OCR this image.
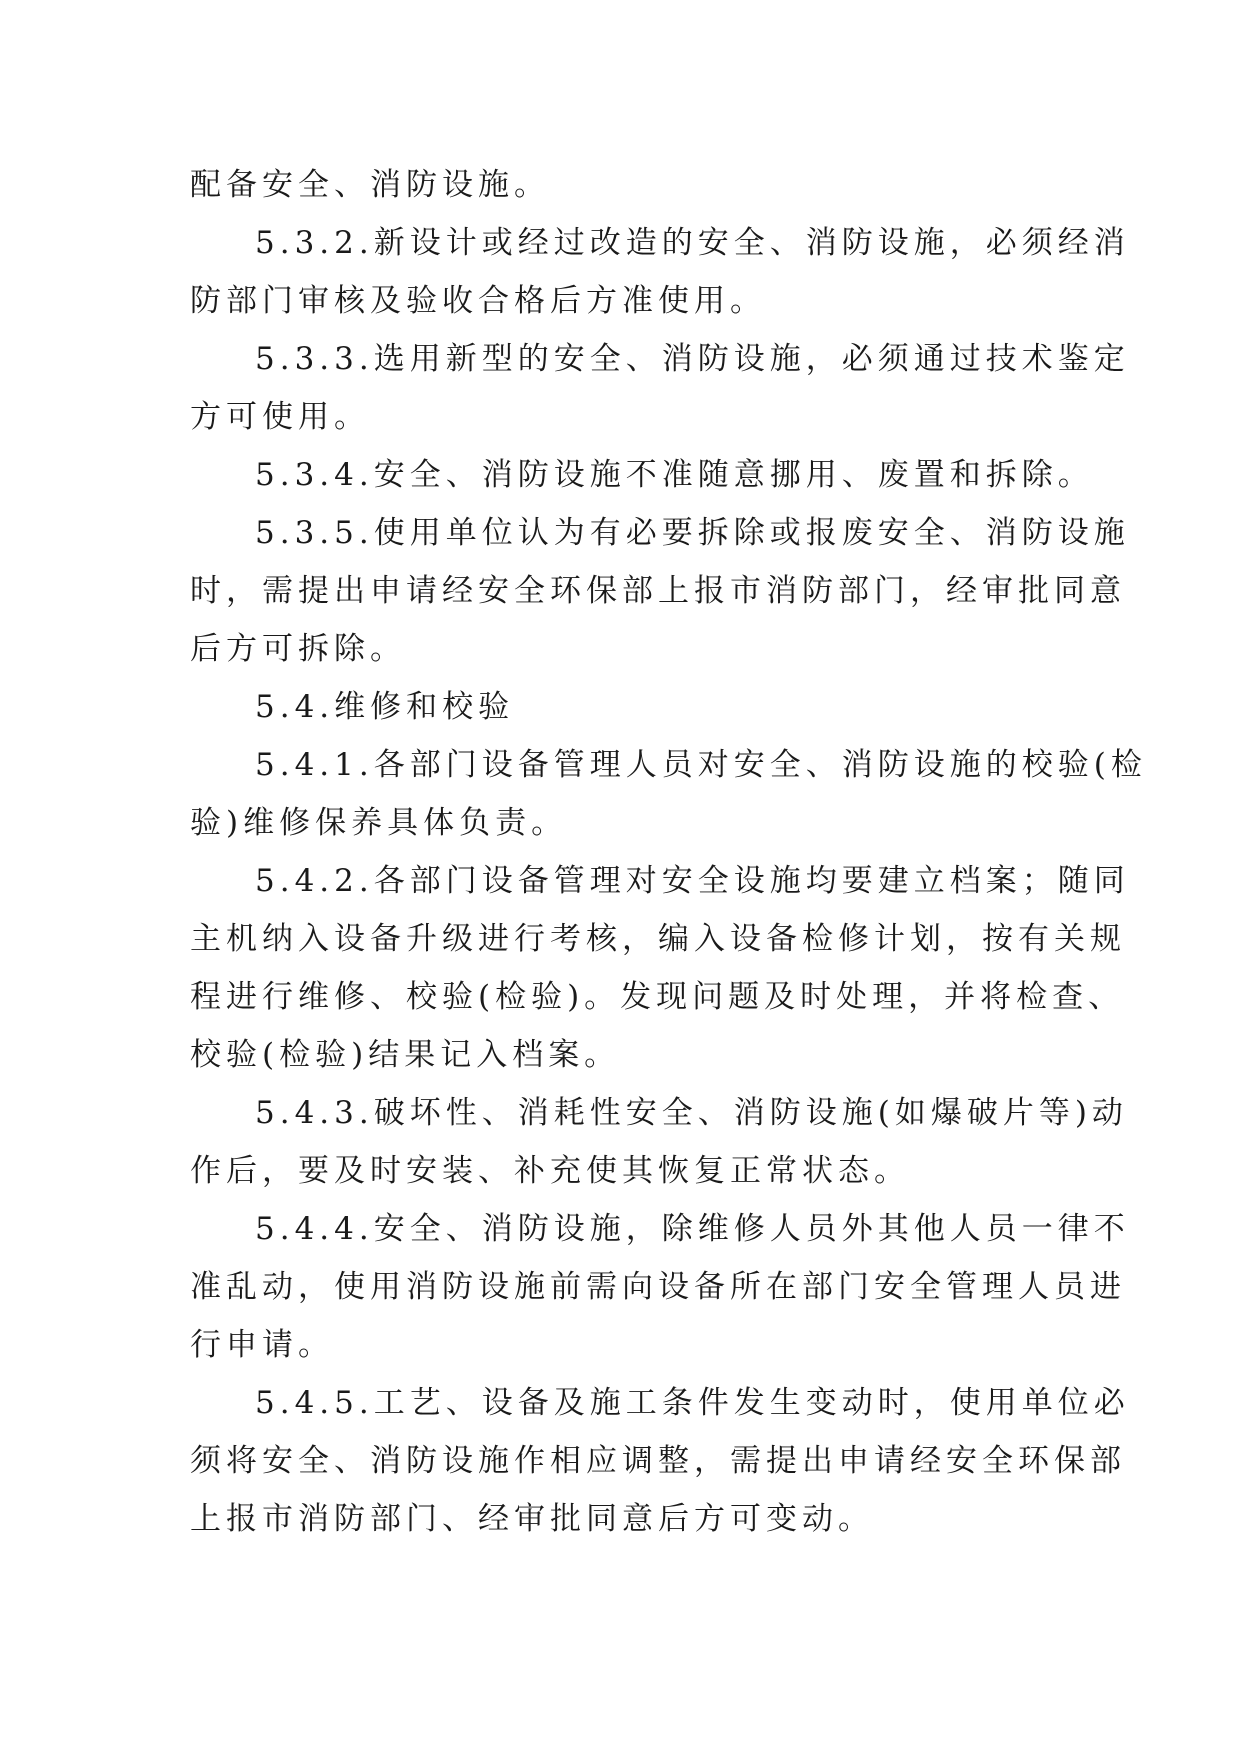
配备安全、消防设施。
5.3.2.新设计或经过改造的安全、消防设施，必须经消
防部门审核及验收合格后方准使用。
5.3.3.选用新型的安全、消防设施，必须通过技术鉴定
方可使用。
5.3.4.安全、消防设施不准随意挪用、废置和拆除。
5.3.5.使用单位认为有必要拆除或报废安全、消防设施
时，需提出申请经安全环保部上报市消防部门，经审批同意
后方可拆除。
5.4.维修和校验
5.4.1.各部门设备管理人员对安全、消防设施的校验(检
验)维修保养具体负责。
5.4.2.各部门设备管理对安全设施均要建立档案；随同
主机纳入设备升级进行考核，编入设备检修计划，按有关规
程进行维修、校验(检验)。发现问题及时处理，并将检查、
校验(检验)结果记入档案。
5.4.3.破坏性、消耗性安全、消防设施(如爆破片等)动
作后，要及时安装、补充使其恢复正常状态。
5.4.4.安全、消防设施，除维修人员外其他人员一律不
准乱动，使用消防设施前需向设备所在部门安全管理人员进
行申请。
5.4.5.工艺、设备及施工条件发生变动时，使用单位必
须将安全、消防设施作相应调整，需提出申请经安全环保部
上报市消防部门、经审批同意后方可变动。
